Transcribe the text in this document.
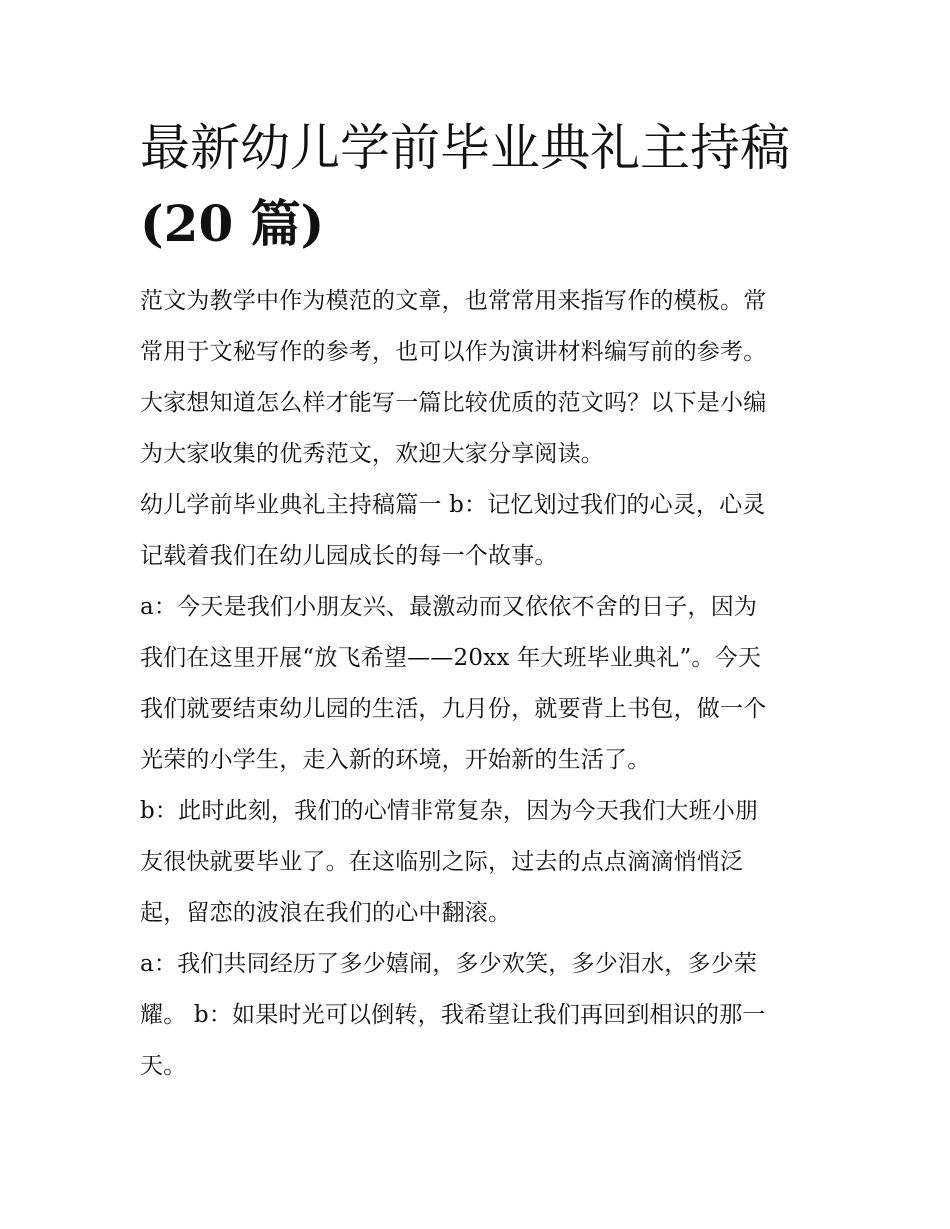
最新幼儿学前毕业典礼主持稿
(20 篇)

范文为教学中作为模范的文章，也常常用来指写作的模板。常

常用于文秘写作的参考，也可以作为演讲材料编写前的参考。

大家想知道怎么样才能写一篇比较优质的范文吗？以下是小编

为大家收集的优秀范文，欢迎大家分享阅读。

幼儿学前毕业典礼主持稿篇一 b：记忆划过我们的心灵，心灵

记载着我们在幼儿园成长的每一个故事。

a：今天是我们小朋友兴、最激动而又依依不舍的日子，因为

我们在这里开展“放飞希望——20xx 年大班毕业典礼”。今天

我们就要结束幼儿园的生活，九月份，就要背上书包，做一个

光荣的小学生，走入新的环境，开始新的生活了。

b：此时此刻，我们的心情非常复杂，因为今天我们大班小朋

友很快就要毕业了。在这临别之际，过去的点点滴滴悄悄泛

起，留恋的波浪在我们的心中翻滚。

a：我们共同经历了多少嬉闹，多少欢笑，多少泪水，多少荣

耀。 b：如果时光可以倒转，我希望让我们再回到相识的那一

天。
